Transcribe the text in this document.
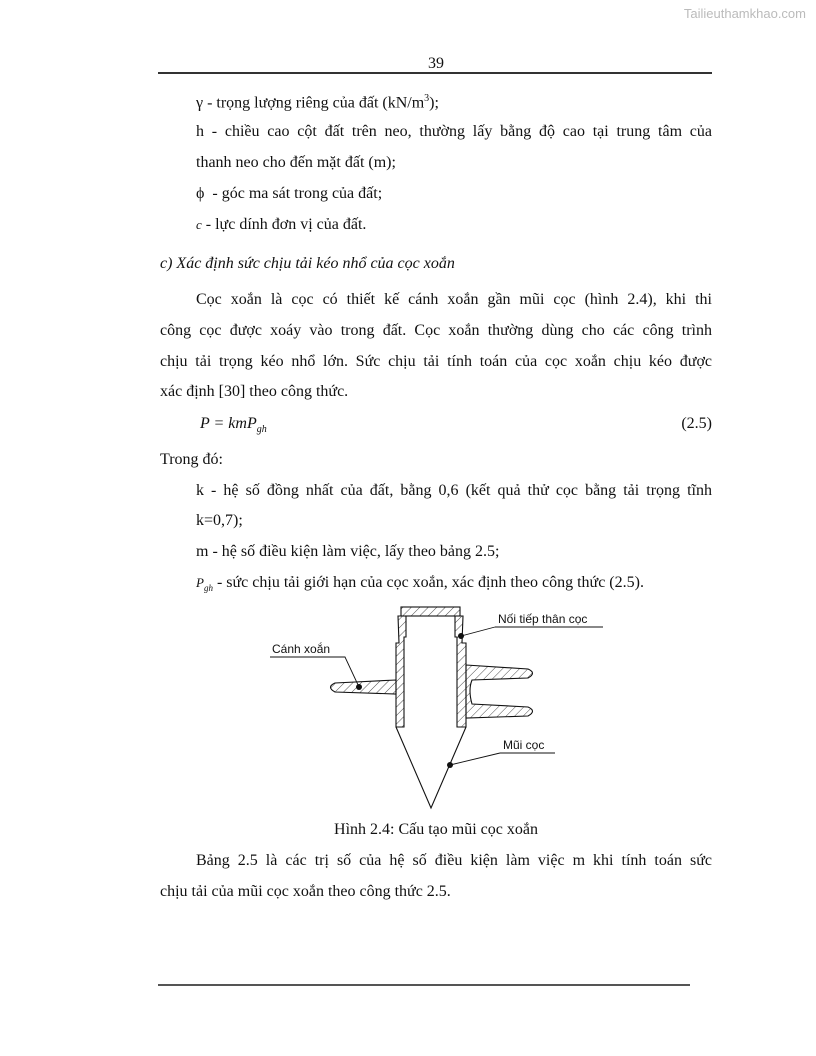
Tailieuthamkhao.com
39
γ - trọng lượng riêng của đất $(kN/m^3)$;
h - chiều cao cột đất trên neo, thường lấy bằng độ cao tại trung tâm của
thanh neo cho đến mặt đất (m);
ϕ  - góc ma sát trong của đất;
c - lực dính đơn vị của đất.
c) Xác định sức chịu tải kéo nhổ của cọc xoắn
Cọc xoắn là cọc có thiết kế cánh xoắn gần mũi cọc (hình 2.4), khi thi
công cọc được xoáy vào trong đất. Cọc xoắn thường dùng cho các công trình
chịu tải trọng kéo nhổ lớn. Sức chịu tải tính toán của cọc xoắn chịu kéo được
xác định [30] theo công thức.
P = kmP$_{gh}$	(2.5)
Trong đó:
k - hệ số đồng nhất của đất, bằng 0,6 (kết quả thử cọc bằng tải trọng tĩnh
k=0,7);
m - hệ số điều kiện làm việc, lấy theo bảng 2.5;
$P_{gh}$ - sức chịu tải giới hạn của cọc xoắn, xác định theo công thức (2.5).
Cánh xoắn
Nối tiếp thân cọc
Mũi cọc
Hình 2.4: Cấu tạo mũi cọc xoắn
Bảng 2.5 là các trị số của hệ số điều kiện làm việc m khi tính toán sức
chịu tải của mũi cọc xoắn theo công thức 2.5.
